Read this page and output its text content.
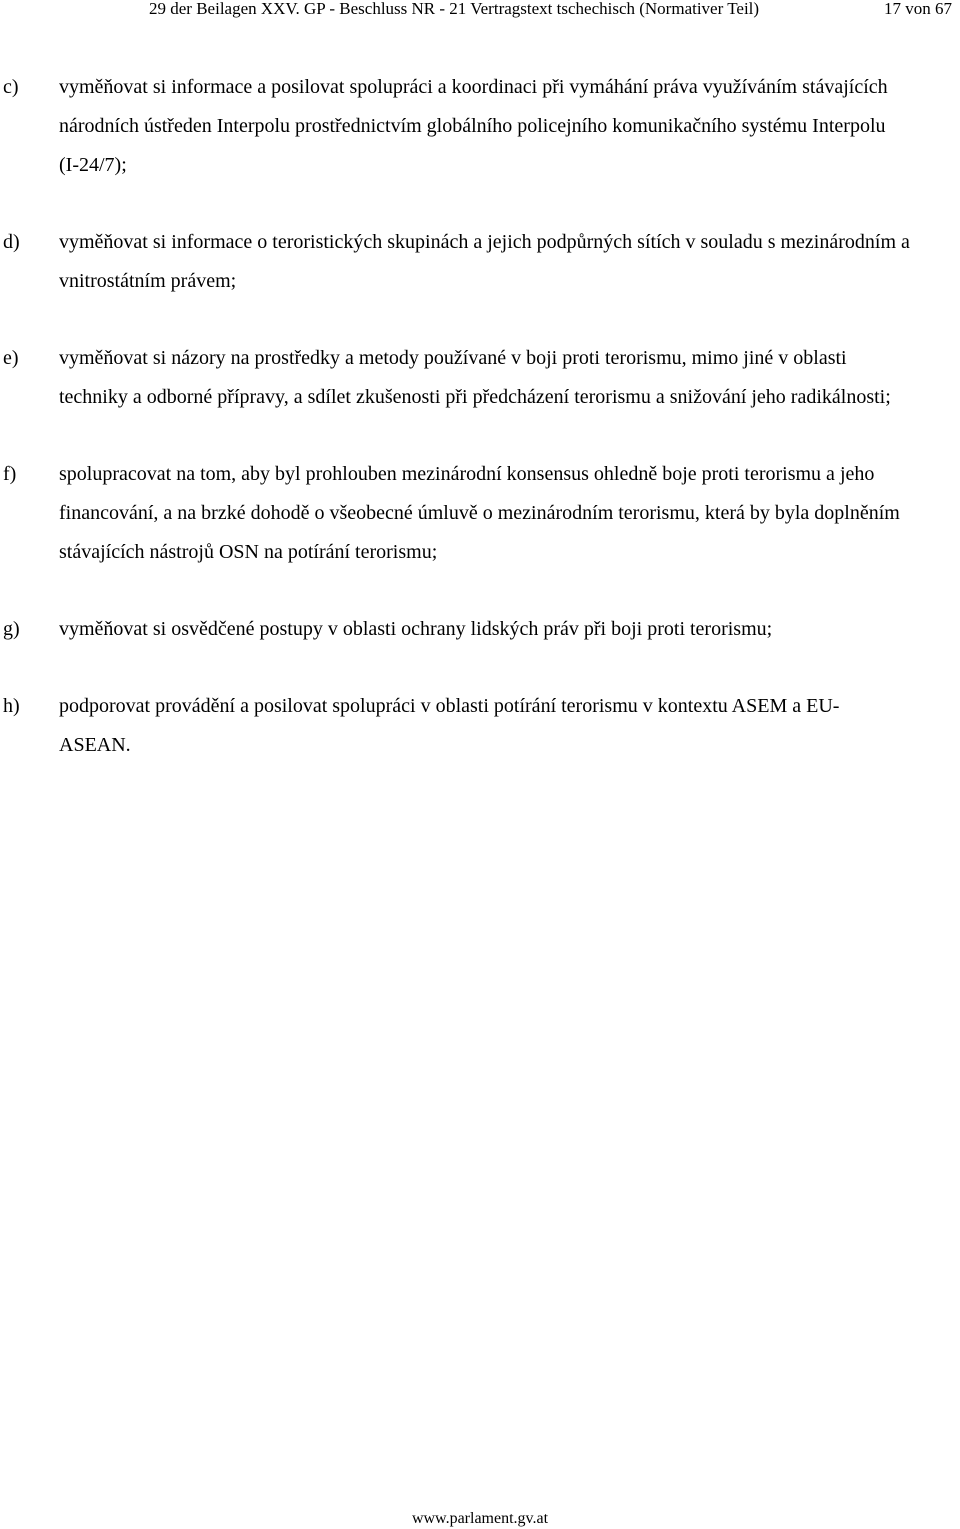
29 der Beilagen XXV. GP - Beschluss NR - 21 Vertragstext tschechisch (Normativer Teil)	17 von 67
c)	vyměňovat si informace a posilovat spolupráci a koordinaci při vymáhání práva využíváním stávajících národních ústředen Interpolu prostřednictvím globálního policejního komunikačního systému Interpolu (I-24/7);
d)	vyměňovat si informace o teroristických skupinách a jejich podpůrných sítích v souladu s mezinárodním a vnitrostátním právem;
e)	vyměňovat si názory na prostředky a metody používané v boji proti terorismu, mimo jiné v oblasti techniky a odborné přípravy, a sdílet zkušenosti při předcházení terorismu a snižování jeho radikálnosti;
f)	spolupracovat na tom, aby byl prohlouben mezinárodní konsensus ohledně boje proti terorismu a jeho financování, a na brzké dohodě o všeobecné úmluvě o mezinárodním terorismu, která by byla doplněním stávajících nástrojů OSN na potírání terorismu;
g)	vyměňovat si osvědčené postupy v oblasti ochrany lidských práv při boji proti terorismu;
h)	podporovat provádění a posilovat spolupráci v oblasti potírání terorismu v kontextu ASEM a EU-ASEAN.
www.parlament.gv.at
